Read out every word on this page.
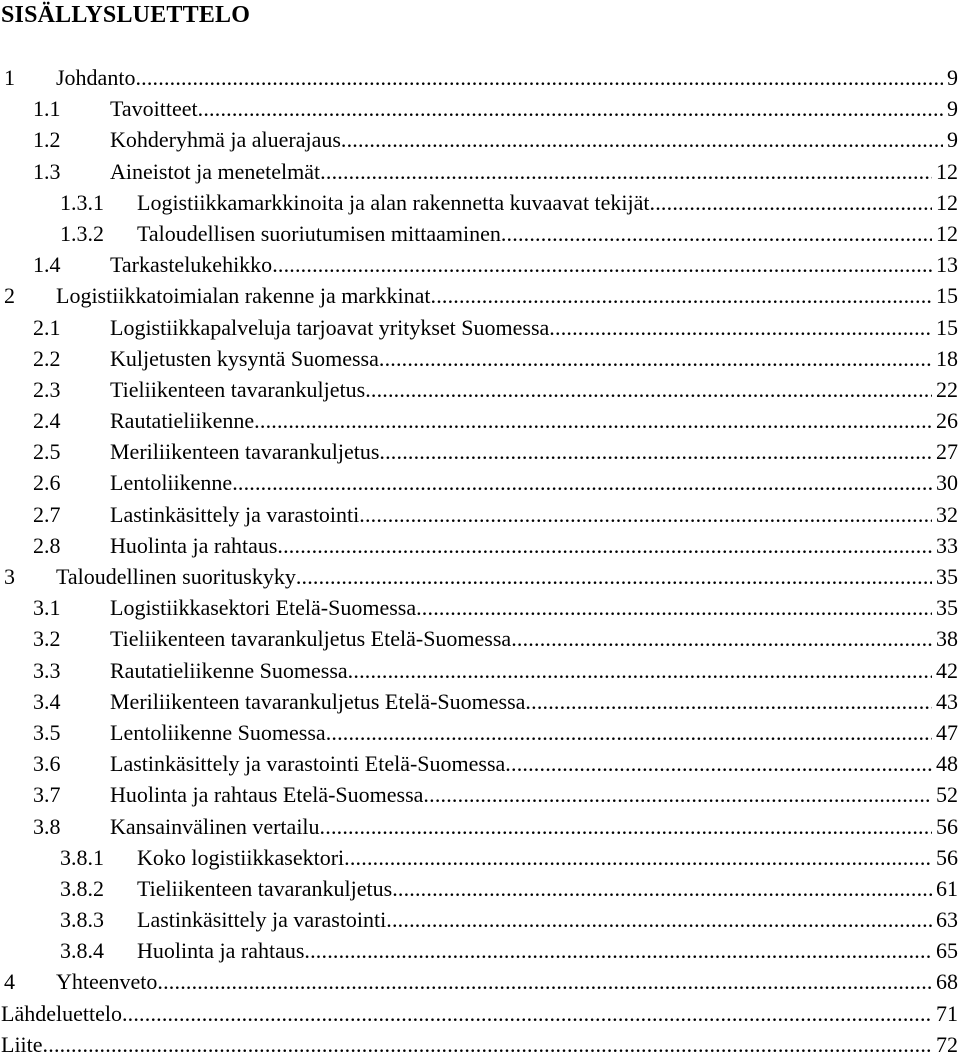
SISÄLLYSLUETTELO
1	Johdanto .....	9
1.1	Tavoitteet .....	9
1.2	Kohderyhmä ja aluerajaus .....	9
1.3	Aineistot ja menetelmät .....	12
1.3.1	Logistiikkamarkkinoita ja alan rakennetta kuvaavat tekijät .....	12
1.3.2	Taloudellisen suoriutumisen mittaaminen .....	12
1.4	Tarkastelukehikko .....	13
2	Logistiikkatoimialan rakenne ja markkinat .....	15
2.1	Logistiikkapalveluja tarjoavat yritykset Suomessa .....	15
2.2	Kuljetusten kysyntä Suomessa .....	18
2.3	Tieliikenteen tavarankuljetus .....	22
2.4	Rautatieliikenne .....	26
2.5	Meriliikenteen tavarankuljetus .....	27
2.6	Lentoliikenne .....	30
2.7	Lastinkäsittely ja varastointi .....	32
2.8	Huolinta ja rahtaus .....	33
3	Taloudellinen suorituskyky .....	35
3.1	Logistiikkasektori Etelä-Suomessa .....	35
3.2	Tieliikenteen tavarankuljetus Etelä-Suomessa .....	38
3.3	Rautatieliikenne Suomessa .....	42
3.4	Meriliikenteen tavarankuljetus Etelä-Suomessa .....	43
3.5	Lentoliikenne Suomessa .....	47
3.6	Lastinkäsittely ja varastointi Etelä-Suomessa .....	48
3.7	Huolinta ja rahtaus Etelä-Suomessa .....	52
3.8	Kansainvälinen vertailu .....	56
3.8.1	Koko logistiikkasektori .....	56
3.8.2	Tieliikenteen tavarankuljetus .....	61
3.8.3	Lastinkäsittely ja varastointi .....	63
3.8.4	Huolinta ja rahtaus .....	65
4	Yhteenveto .....	68
Lähdeluettelo .....	71
Liite .....	72
